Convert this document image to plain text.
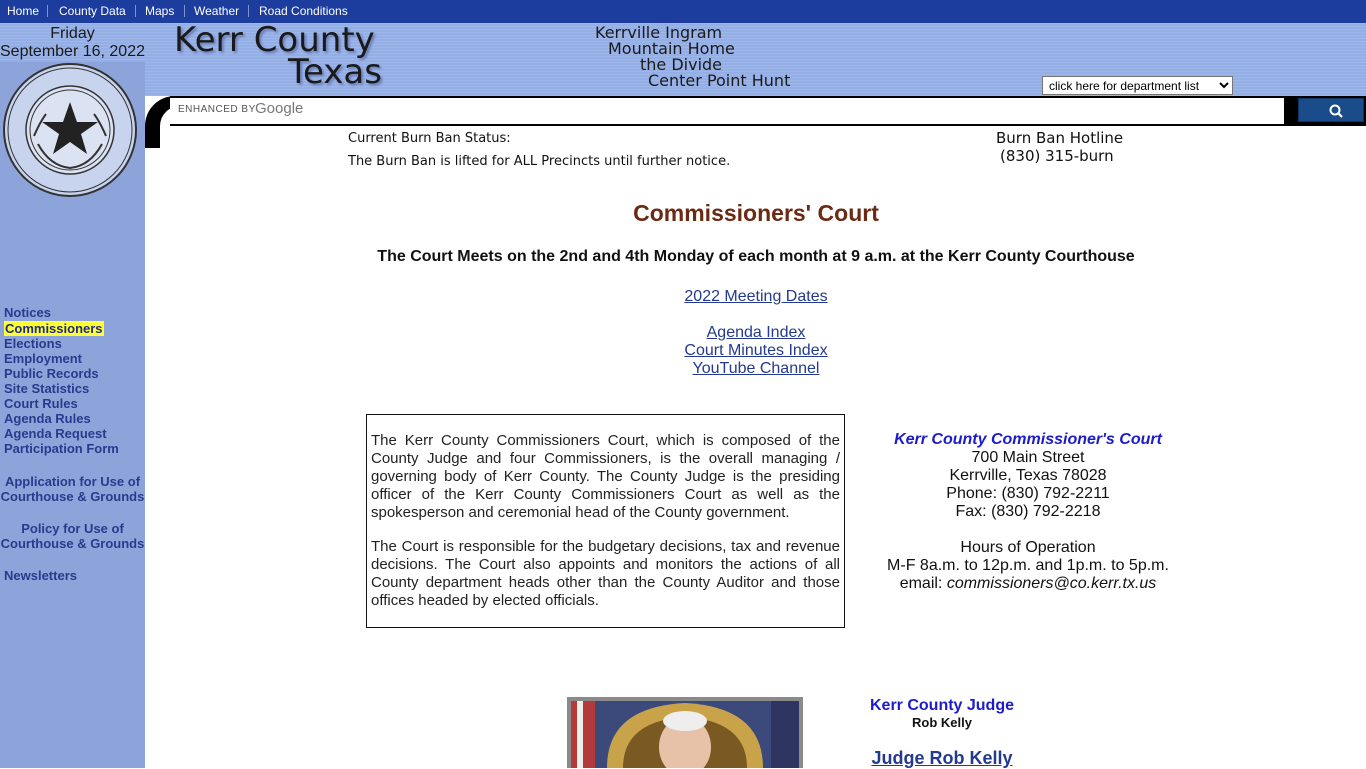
Home County Data Maps Weather Road Conditions
Friday
September 16, 2022 Kerr County
Texas
Kerrville Ingram
Mountain Home
the Divide
Center Point Hunt
click here for department list
Notices
Commissioners
Elections
Employment
Public Records
Site Statistics
Court Rules
Agenda Rules
Agenda Request
Participation Form
Application for Use of
Courthouse & Grounds
Policy for Use of
Courthouse & Grounds
Newsletters
ENHANCED BY Google
Current Burn Ban Status:
The Burn Ban is lifted for ALL Precincts until further notice.
Burn Ban Hotline
(830) 315-burn
Commissioners' Court
The Court Meets on the 2nd and 4th Monday of each month at 9 a.m. at the Kerr County Courthouse
2022 Meeting Dates
Agenda Index
Court Minutes Index
YouTube Channel
The Kerr County Commissioners Court, which is composed of the County Judge and four Commissioners, is the overall managing / governing body of Kerr County. The County Judge is the presiding officer of the Kerr County Commissioners Court as well as the spokesperson and ceremonial head of the County government.
The Court is responsible for the budgetary decisions, tax and revenue decisions. The Court also appoints and monitors the actions of all County department heads other than the County Auditor and those offices headed by elected officials.
Kerr County Commissioner's Court
700 Main Street
Kerrville, Texas 78028
Phone: (830) 792-2211
Fax: (830) 792-2218
Hours of Operation
M-F 8a.m. to 12p.m. and 1p.m. to 5p.m.
email: commissioners@co.kerr.tx.us
Kerr County Judge
Rob Kelly
Judge Rob Kelly
